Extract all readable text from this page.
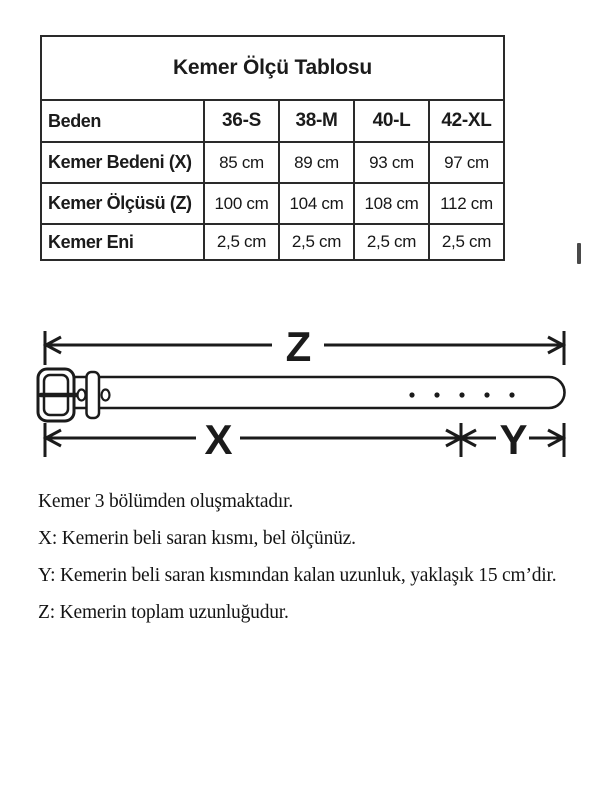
Kemer Ölçü Tablosu				
Beden	36-S	38-M	40-L	42-XL
Kemer Bedeni (X)	85 cm	89 cm	93 cm	97 cm
Kemer Ölçüsü (Z)	100 cm	104 cm	108 cm	112 cm
Kemer Eni	2,5 cm	2,5 cm	2,5 cm	2,5 cm
Z
X	Y

Kemer 3 bölümden oluşmaktadır.

X: Kemerin beli saran kısmı, bel ölçünüz.

Y: Kemerin beli saran kısmından kalan uzunluk, yaklaşık 15 cm’dir.

Z: Kemerin toplam uzunluğudur.
